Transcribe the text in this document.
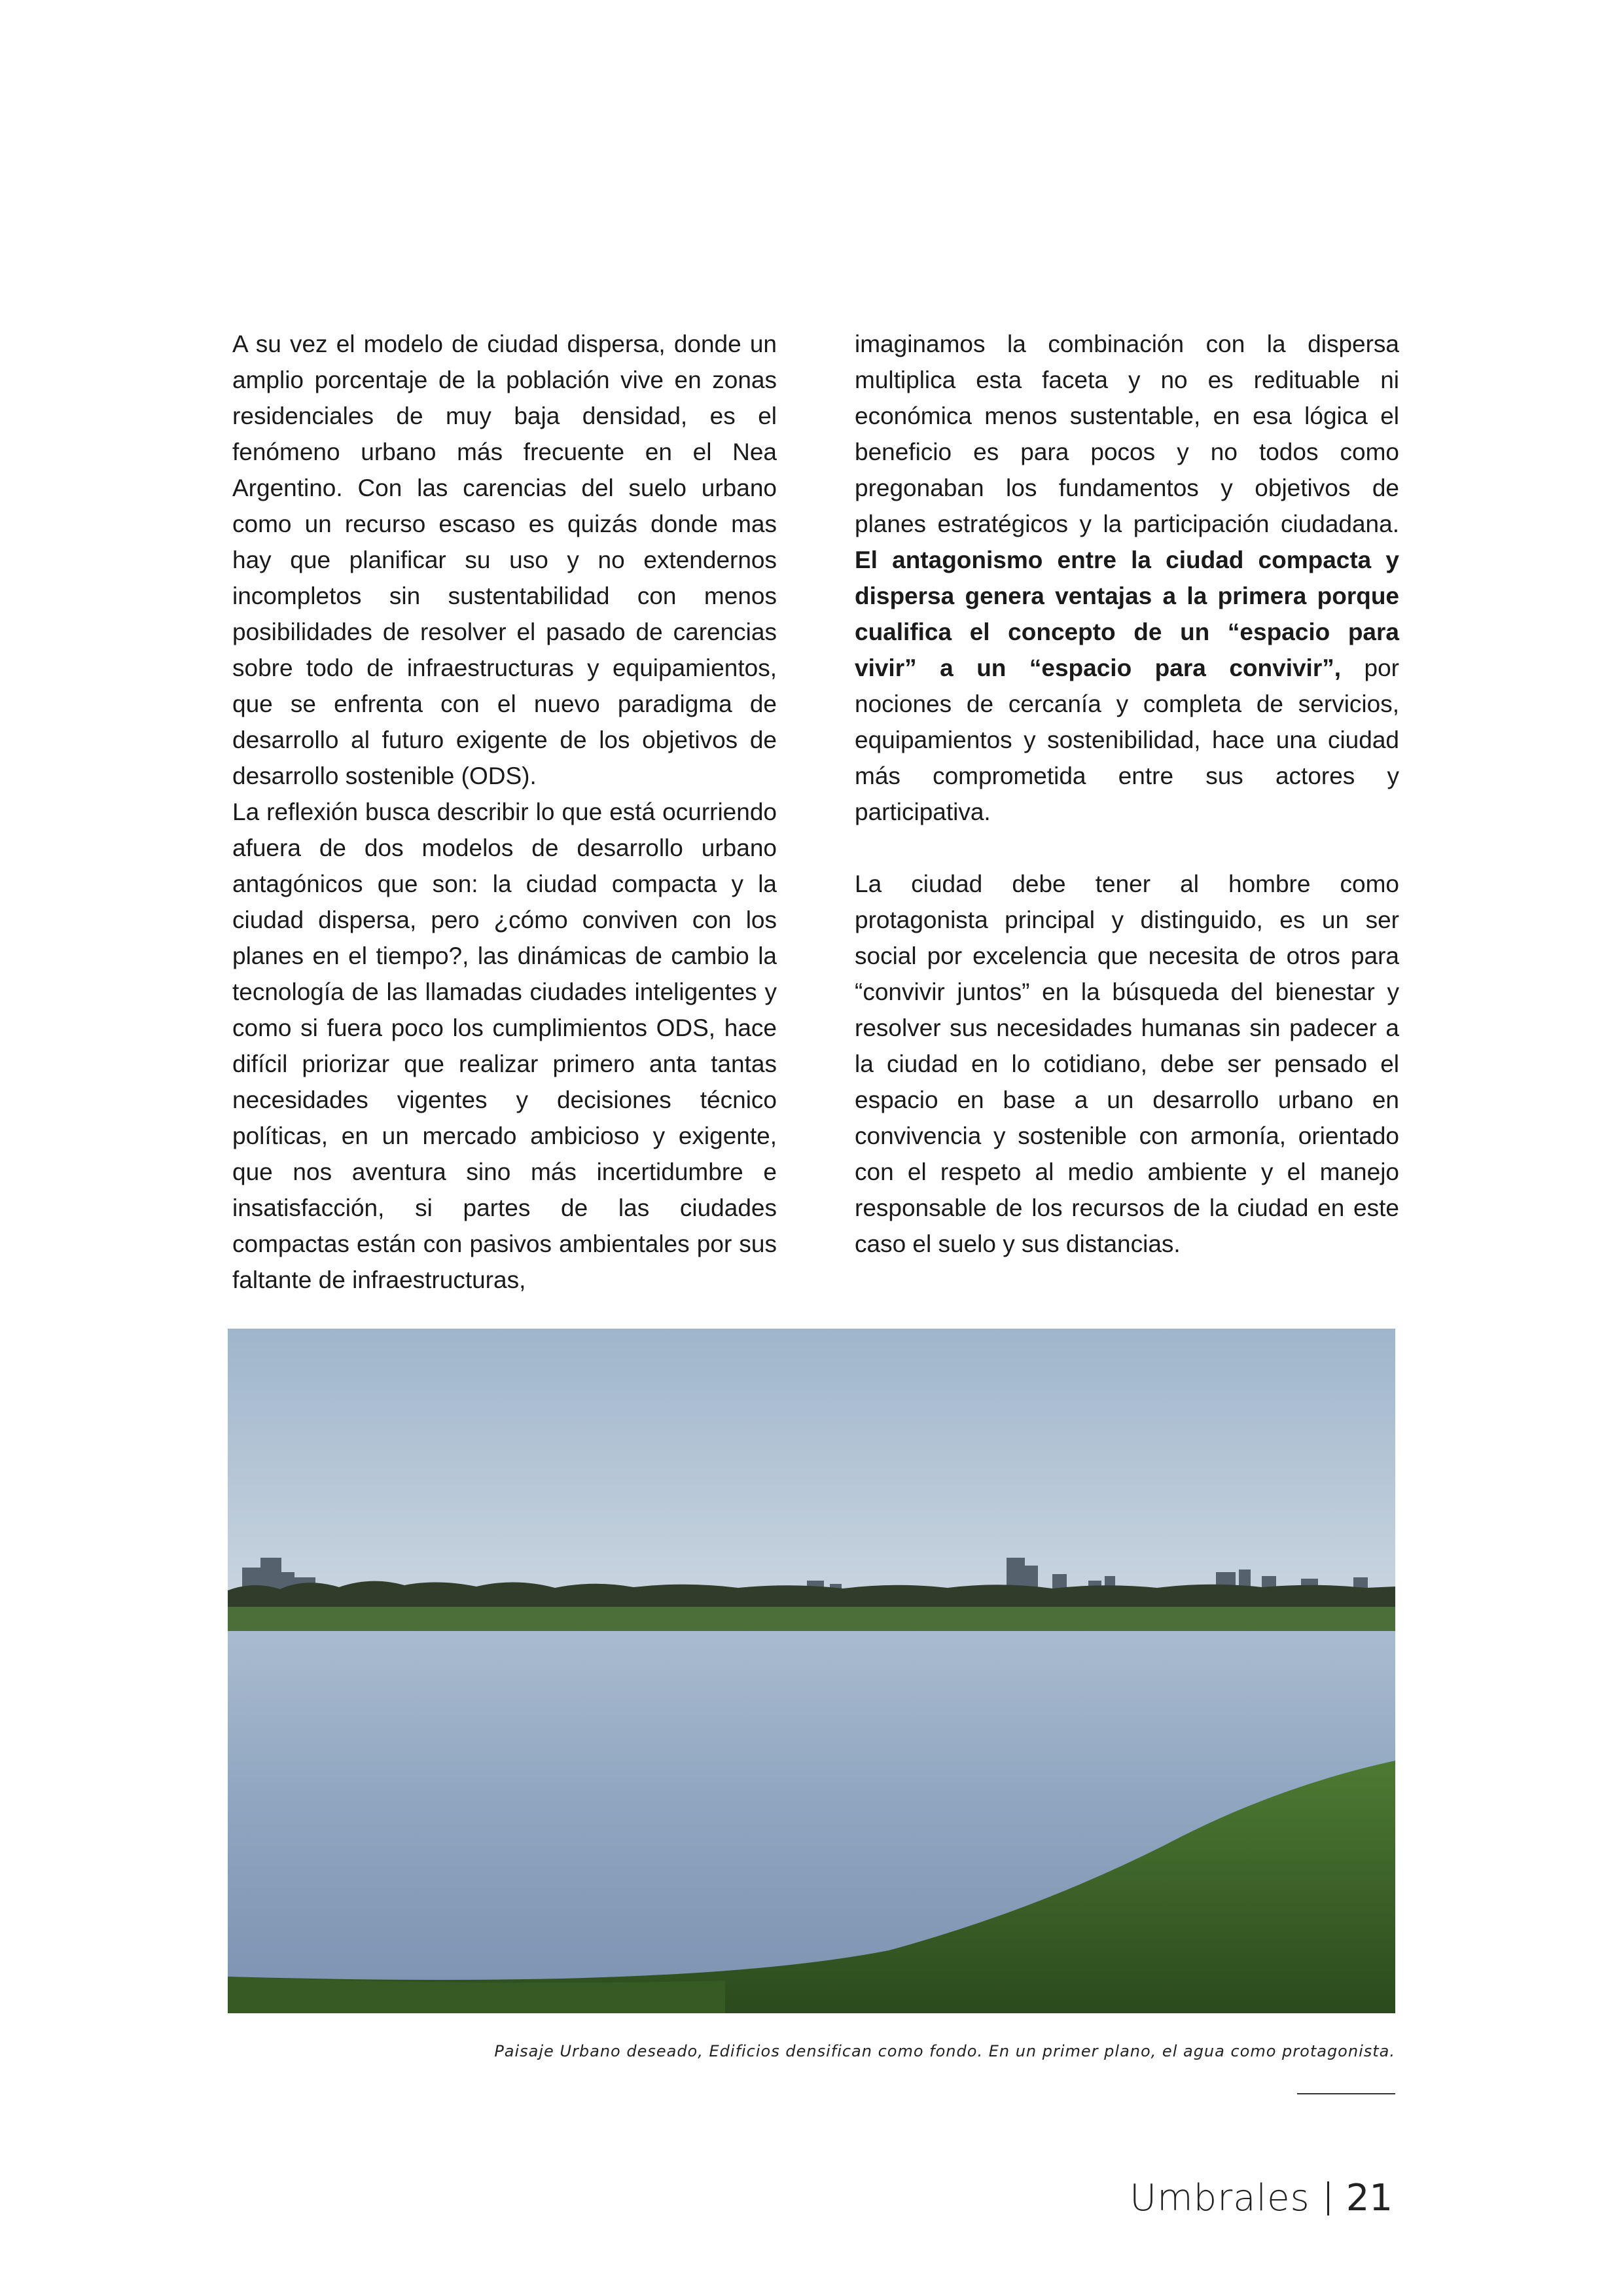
A su vez el modelo de ciudad dispersa, donde un amplio porcentaje de la población vive en zonas residenciales de muy baja densidad, es el fenómeno urbano más frecuente en el Nea Argentino. Con las carencias del suelo urbano como un recurso escaso es quizás donde mas hay que planificar su uso y no extendernos incompletos sin sustentabilidad con menos posibilidades de resolver el pasado de carencias sobre todo de infraestructuras y equipamientos, que se enfrenta con el nuevo paradigma de desarrollo al futuro exigente de los objetivos de desarrollo sostenible (ODS).

La reflexión busca describir lo que está ocurriendo afuera de dos modelos de desarrollo urbano antagónicos que son: la ciudad compacta y la ciudad dispersa, pero ¿cómo conviven con los planes en el tiempo?, las dinámicas de cambio la tecnología de las llamadas ciudades inteligentes y como si fuera poco los cumplimientos ODS, hace difícil priorizar que realizar primero anta tantas necesidades vigentes y decisiones técnico políticas, en un mercado ambicioso y exigente, que nos aventura sino más incertidumbre e insatisfacción, si partes de las ciudades compactas están con pasivos ambientales por sus faltante de infraestructuras,

imaginamos la combinación con la dispersa multiplica esta faceta y no es redituable ni económica menos sustentable, en esa lógica el beneficio es para pocos y no todos como pregonaban los fundamentos y objetivos de planes estratégicos y la participación ciudadana. El antagonismo entre la ciudad compacta y dispersa genera ventajas a la primera porque cualifica el concepto de un “espacio para vivir” a un “espacio para convivir”, por nociones de cercanía y completa de servicios, equipamientos y sostenibilidad, hace una ciudad más comprometida entre sus actores y participativa.

La ciudad debe tener al hombre como protagonista principal y distinguido, es un ser social por excelencia que necesita de otros para “convivir juntos” en la búsqueda del bienestar y resolver sus necesidades humanas sin padecer a la ciudad en lo cotidiano, debe ser pensado el espacio en base a un desarrollo urbano en convivencia y sostenible con armonía, orientado con el respeto al medio ambiente y el manejo responsable de los recursos de la ciudad en este caso el suelo y sus distancias.

Paisaje Urbano deseado, Edificios densifican como fondo. En un primer plano, el agua como protagonista.
Umbrales 21
